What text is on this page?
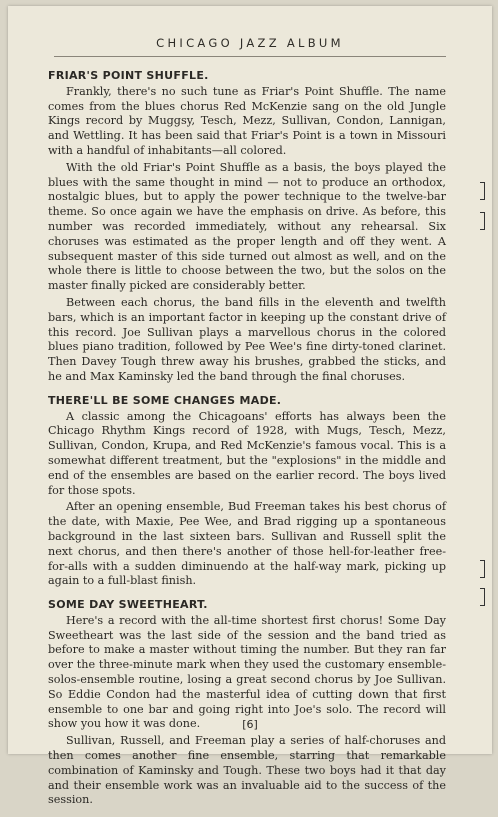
CHICAGO JAZZ ALBUM
FRIAR'S POINT SHUFFLE.

Frankly, there's no such tune as Friar's Point Shuffle. The name comes from the blues chorus Red McKenzie sang on the old Jungle Kings record by Muggsy, Tesch, Mezz, Sullivan, Condon, Lannigan, and Wettling. It has been said that Friar's Point is a town in Missouri with a handful of inhabitants—all colored.

With the old Friar's Point Shuffle as a basis, the boys played the blues with the same thought in mind — not to produce an orthodox, nostalgic blues, but to apply the power technique to the twelve-bar theme. So once again we have the emphasis on drive. As before, this number was recorded immediately, without any rehearsal. Six choruses was estimated as the proper length and off they went. A subsequent master of this side turned out almost as well, and on the whole there is little to choose between the two, but the solos on the master finally picked are considerably better.

Between each chorus, the band fills in the eleventh and twelfth bars, which is an important factor in keeping up the constant drive of this record. Joe Sullivan plays a marvellous chorus in the colored blues piano tradition, followed by Pee Wee's fine dirty-toned clarinet. Then Davey Tough threw away his brushes, grabbed the sticks, and he and Max Kaminsky led the band through the final choruses.

THERE'LL BE SOME CHANGES MADE.

A classic among the Chicagoans' efforts has always been the Chicago Rhythm Kings record of 1928, with Mugs, Tesch, Mezz, Sullivan, Condon, Krupa, and Red McKenzie's famous vocal. This is a somewhat different treatment, but the "explosions" in the middle and end of the ensembles are based on the earlier record. The boys lived for those spots.

After an opening ensemble, Bud Freeman takes his best chorus of the date, with Maxie, Pee Wee, and Brad rigging up a spontaneous background in the last sixteen bars. Sullivan and Russell split the next chorus, and then there's another of those hell-for-leather free-for-alls with a sudden diminuendo at the half-way mark, picking up again to a full-blast finish.

SOME DAY SWEETHEART.

Here's a record with the all-time shortest first chorus! Some Day Sweetheart was the last side of the session and the band tried as before to make a master without timing the number. But they ran far over the three-minute mark when they used the customary ensemble-solos-ensemble routine, losing a great second chorus by Joe Sullivan. So Eddie Condon had the masterful idea of cutting down that first ensemble to one bar and going right into Joe's solo. The record will show you how it was done.

Sullivan, Russell, and Freeman play a series of half-choruses and then comes another fine ensemble, starring that remarkable combination of Kaminsky and Tough. These two boys had it that day and their ensemble work was an invaluable aid to the success of the session.

[6]
